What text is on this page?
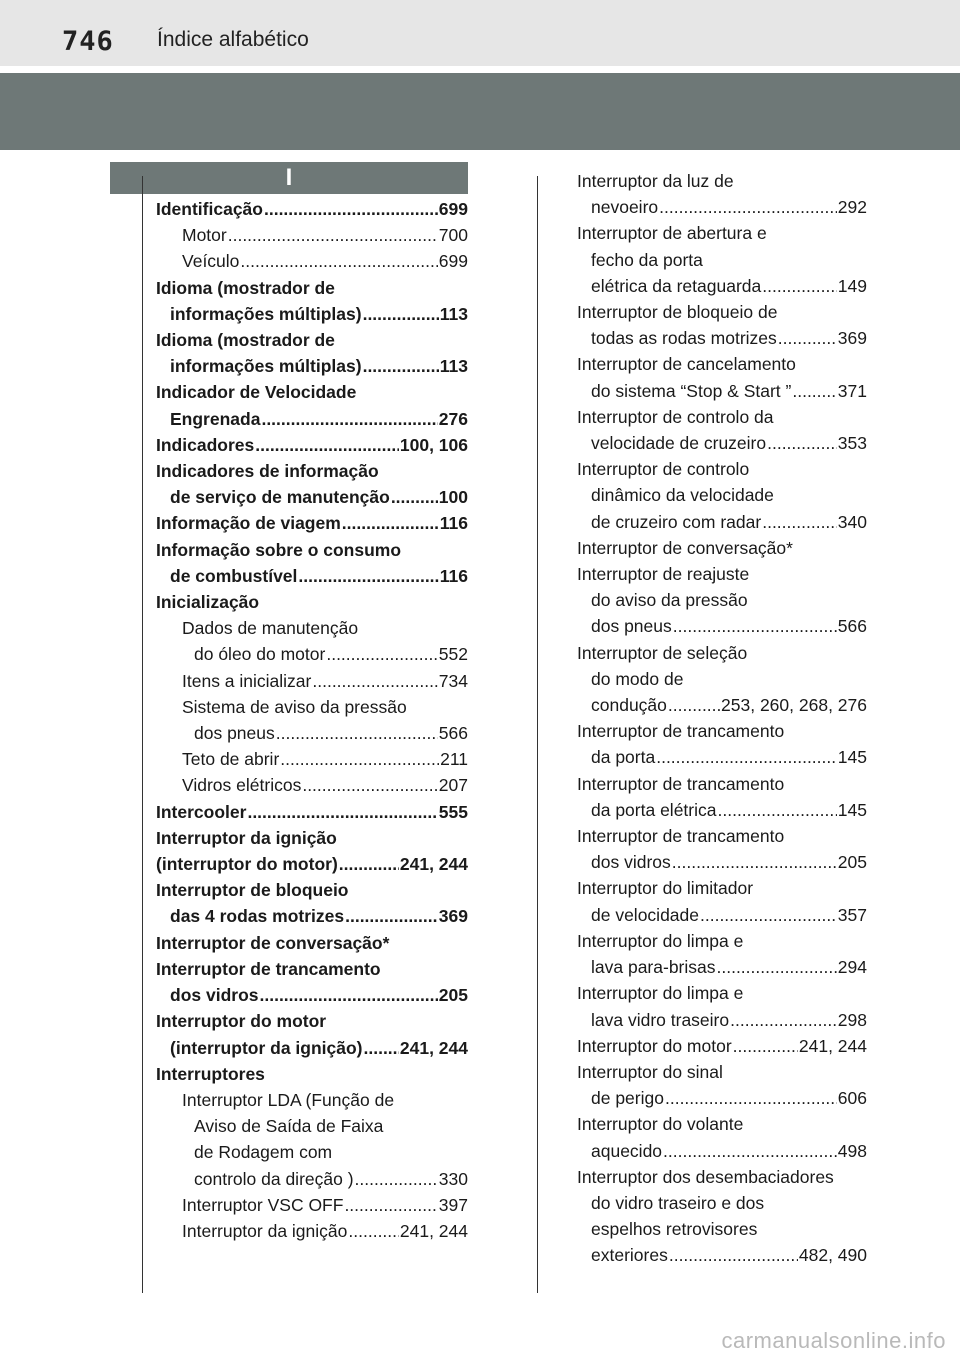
746 Índice alfabético
I
Identificação .....	699
Motor .....	700
Veículo .....	699
Idioma (mostrador de
informações múltiplas) .....	113
Idioma (mostrador de
informações múltiplas) .....	113
Indicador de Velocidade
Engrenada .....	276
Indicadores .....	100, 106
Indicadores de informação
de serviço de manutenção .....	100
Informação de viagem .....	116
Informação sobre o consumo
de combustível .....	116
Inicialização
Dados de manutenção
do óleo do motor .....	552
Itens a inicializar .....	734
Sistema de aviso da pressão
dos pneus .....	566
Teto de abrir .....	211
Vidros elétricos .....	207
Intercooler .....	555
Interruptor da ignição
(interruptor do motor) .....	241, 244
Interruptor de bloqueio
das 4 rodas motrizes .....	369
Interruptor de conversação*
Interruptor de trancamento
dos vidros .....	205
Interruptor do motor
(interruptor da ignição) ..... 241, 244
Interruptores
Interruptor LDA (Função de
Aviso de Saída de Faixa
de Rodagem com
controlo da direção ) .....	330
Interruptor VSC OFF .....	397
Interruptor da ignição .....	241, 244
Interruptor da luz de
nevoeiro .....	292
Interruptor de abertura e
fecho da porta
elétrica da retaguarda .....	149
Interruptor de bloqueio de
todas as rodas motrizes .....	369
Interruptor de cancelamento
do sistema “Stop & Start ” .....	371
Interruptor de controlo da
velocidade de cruzeiro .....	353
Interruptor de controlo
dinâmico da velocidade
de cruzeiro com radar .....	340
Interruptor de conversação*
Interruptor de reajuste
do aviso da pressão
dos pneus .....	566
Interruptor de seleção
do modo de
condução .....	253, 260, 268, 276
Interruptor de trancamento
da porta .....	145
Interruptor de trancamento
da porta elétrica .....	145
Interruptor de trancamento
dos vidros .....	205
Interruptor do limitador
de velocidade .....	357
Interruptor do limpa e
lava para-brisas .....	294
Interruptor do limpa e
lava vidro traseiro .....	298
Interruptor do motor .....	241, 244
Interruptor do sinal
de perigo .....	606
Interruptor do volante
aquecido .....	498
Interruptor dos desembaciadores
do vidro traseiro e dos
espelhos retrovisores
exteriores .....	482, 490
carmanualsonline.info
